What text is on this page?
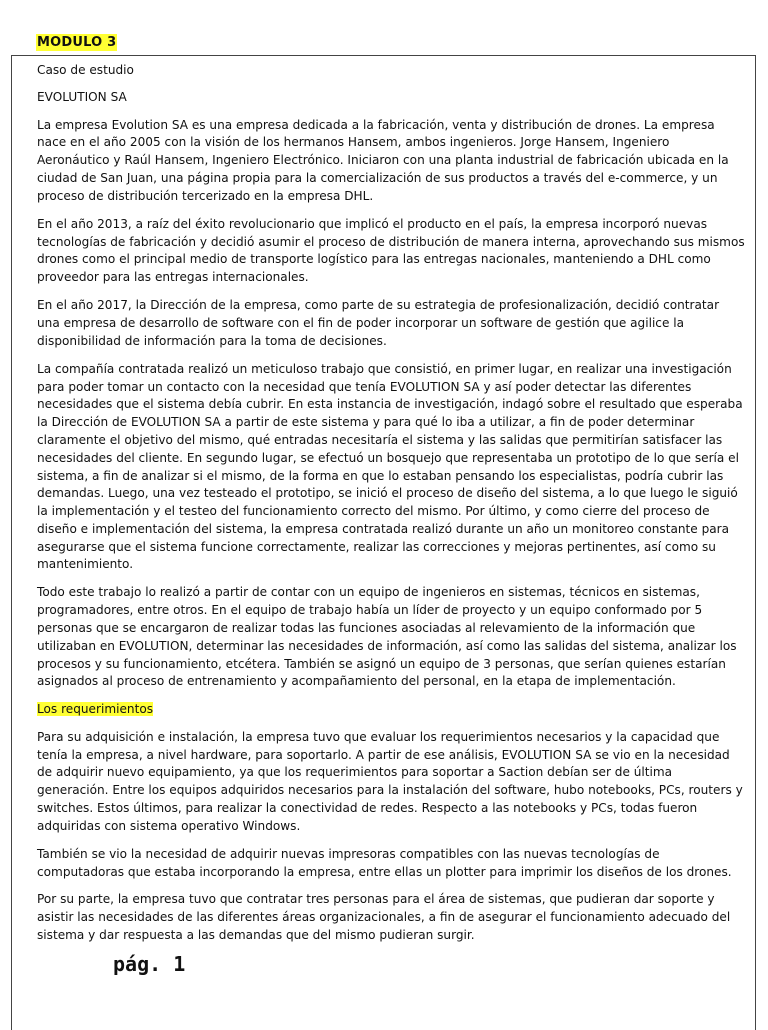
MODULO 3

Caso de estudio

EVOLUTION SA

La empresa Evolution SA es una empresa dedicada a la fabricación, venta y distribución de drones. La empresa nace en el año 2005 con la visión de los hermanos Hansem, ambos ingenieros. Jorge Hansem, Ingeniero Aeronáutico y Raúl Hansem, Ingeniero Electrónico. Iniciaron con una planta industrial de fabricación ubicada en la ciudad de San Juan, una página propia para la comercialización de sus productos a través del e-commerce, y un proceso de distribución tercerizado en la empresa DHL.

En el año 2013, a raíz del éxito revolucionario que implicó el producto en el país, la empresa incorporó nuevas tecnologías de fabricación y decidió asumir el proceso de distribución de manera interna, aprovechando sus mismos drones como el principal medio de transporte logístico para las entregas nacionales, manteniendo a DHL como proveedor para las entregas internacionales.

En el año 2017, la Dirección de la empresa, como parte de su estrategia de profesionalización, decidió contratar una empresa de desarrollo de software con el fin de poder incorporar un software de gestión que agilice la disponibilidad de información para la toma de decisiones.

La compañía contratada realizó un meticuloso trabajo que consistió, en primer lugar, en realizar una investigación para poder tomar un contacto con la necesidad que tenía EVOLUTION SA y así poder detectar las diferentes necesidades que el sistema debía cubrir. En esta instancia de investigación, indagó sobre el resultado que esperaba la Dirección de EVOLUTION SA a partir de este sistema y para qué lo iba a utilizar, a fin de poder determinar claramente el objetivo del mismo, qué entradas necesitaría el sistema y las salidas que permitirían satisfacer las necesidades del cliente. En segundo lugar, se efectuó un bosquejo que representaba un prototipo de lo que sería el sistema, a fin de analizar si el mismo, de la forma en que lo estaban pensando los especialistas, podría cubrir las demandas. Luego, una vez testeado el prototipo, se inició el proceso de diseño del sistema, a lo que luego le siguió la implementación y el testeo del funcionamiento correcto del mismo. Por último, y como cierre del proceso de diseño e implementación del sistema, la empresa contratada realizó durante un año un monitoreo constante para asegurarse que el sistema funcione correctamente, realizar las correcciones y mejoras pertinentes, así como su mantenimiento.

Todo este trabajo lo realizó a partir de contar con un equipo de ingenieros en sistemas, técnicos en sistemas, programadores, entre otros. En el equipo de trabajo había un líder de proyecto y un equipo conformado por 5 personas que se encargaron de realizar todas las funciones asociadas al relevamiento de la información que utilizaban en EVOLUTION, determinar las necesidades de información, así como las salidas del sistema, analizar los procesos y su funcionamiento, etcétera. También se asignó un equipo de 3 personas, que serían quienes estarían asignados al proceso de entrenamiento y acompañamiento del personal, en la etapa de implementación.

Los requerimientos

Para su adquisición e instalación, la empresa tuvo que evaluar los requerimientos necesarios y la capacidad que tenía la empresa, a nivel hardware, para soportarlo. A partir de ese análisis, EVOLUTION SA se vio en la necesidad de adquirir nuevo equipamiento, ya que los requerimientos para soportar a Saction debían ser de última generación. Entre los equipos adquiridos necesarios para la instalación del software, hubo notebooks, PCs, routers y switches. Estos últimos, para realizar la conectividad de redes. Respecto a las notebooks y PCs, todas fueron adquiridas con sistema operativo Windows.

También se vio la necesidad de adquirir nuevas impresoras compatibles con las nuevas tecnologías de computadoras que estaba incorporando la empresa, entre ellas un plotter para imprimir los diseños de los drones.

Por su parte, la empresa tuvo que contratar tres personas para el área de sistemas, que pudieran dar soporte y asistir las necesidades de las diferentes áreas organizacionales, a fin de asegurar el funcionamiento adecuado del sistema y dar respuesta a las demandas que del mismo pudieran surgir.

pág. 1
